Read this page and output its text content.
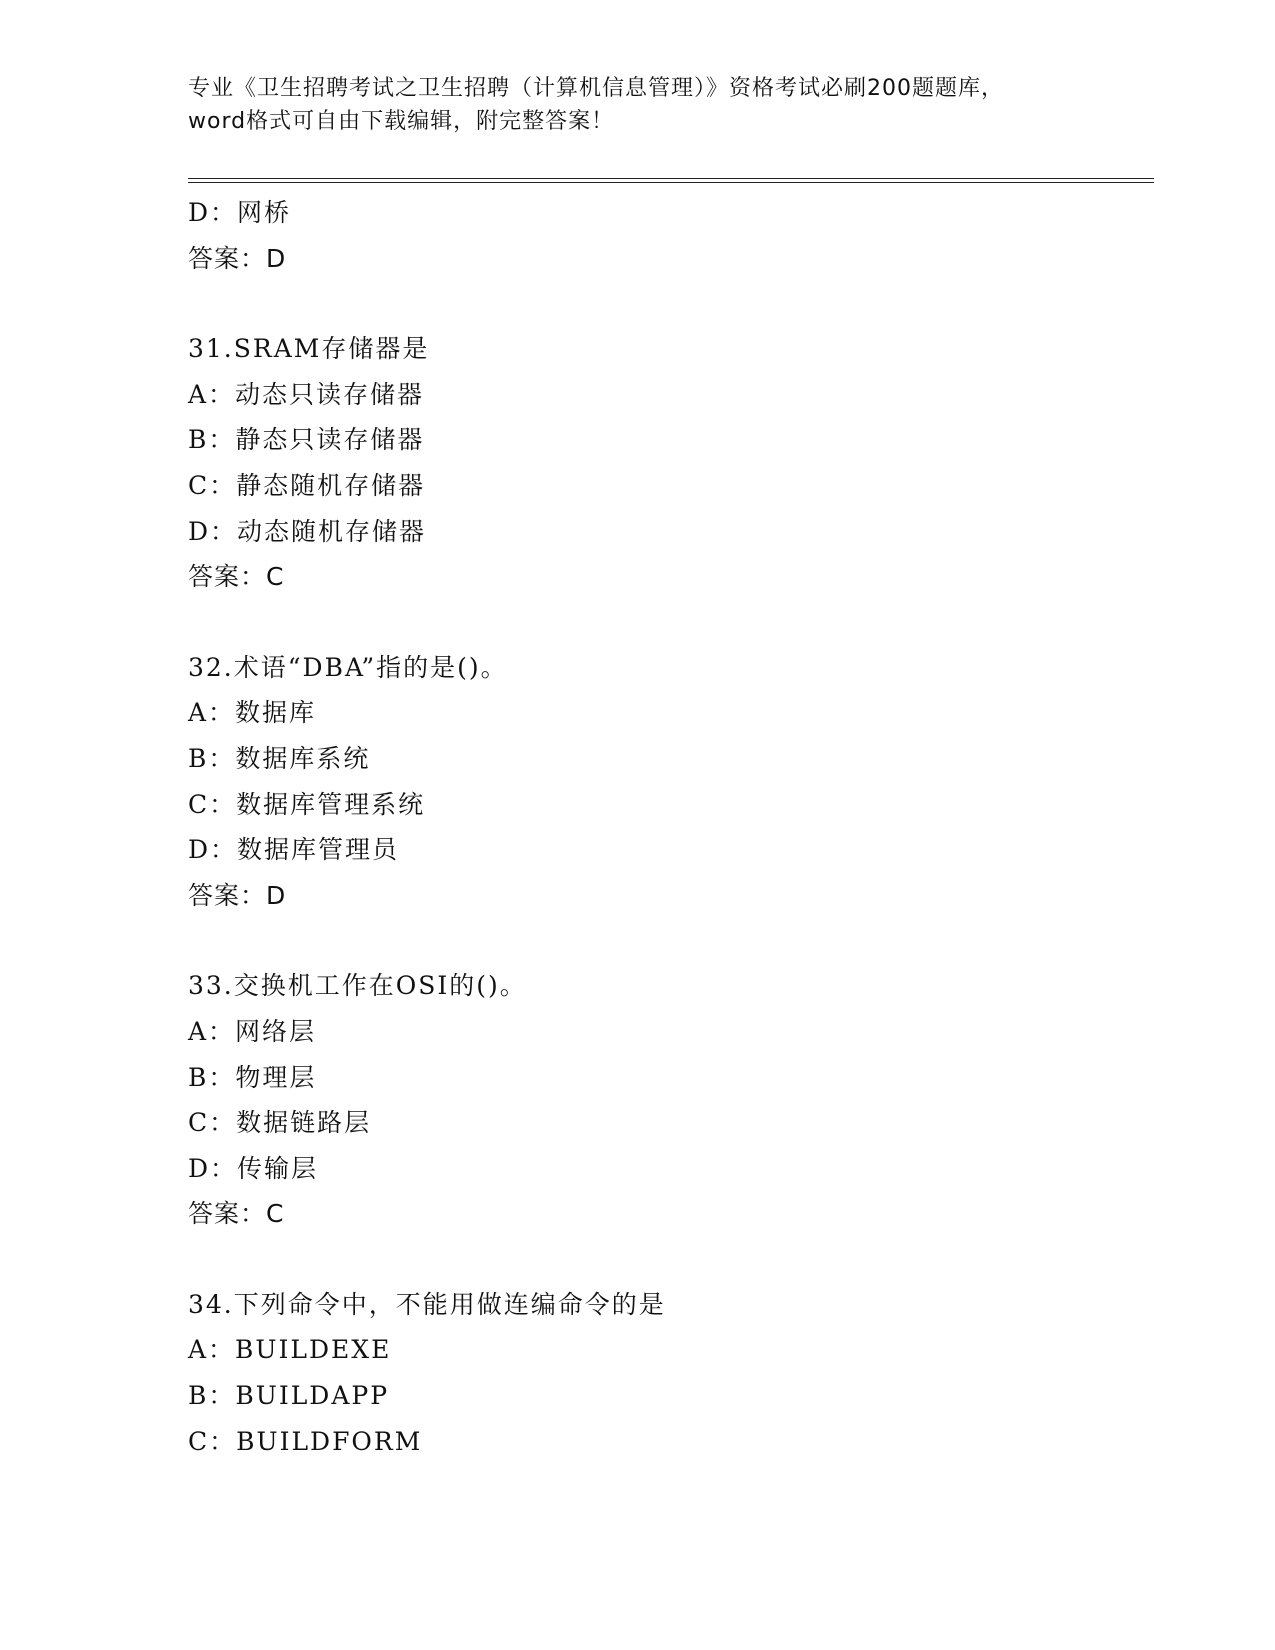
专业《卫生招聘考试之卫生招聘（计算机信息管理）》资格考试必刷200题题库，
word格式可自由下载编辑，附完整答案！
D：网桥
答案：D
31.SRAM存储器是
A：动态只读存储器
B：静态只读存储器
C：静态随机存储器
D：动态随机存储器
答案：C
32.术语“DBA”指的是()。
A：数据库
B：数据库系统
C：数据库管理系统
D：数据库管理员
答案：D
33.交换机工作在OSI的()。
A：网络层
B：物理层
C：数据链路层
D：传输层
答案：C
34.下列命令中，不能用做连编命令的是
A：BUILDEXE
B：BUILDAPP
C：BUILDFORM
